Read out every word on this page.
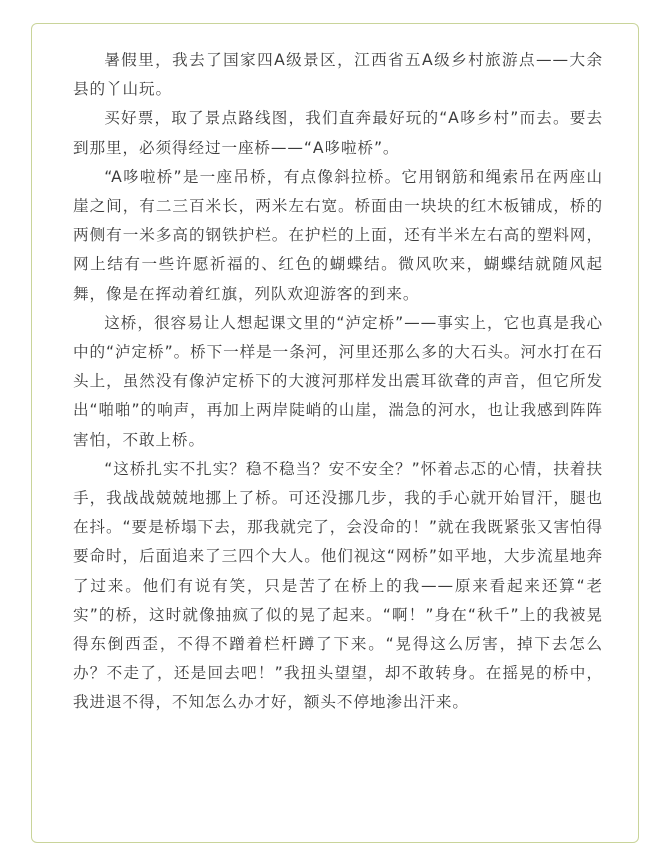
暑假里，我去了国家四A级景区，江西省五A级乡村旅游点——大余县的丫山玩。

买好票，取了景点路线图，我们直奔最好玩的“A哆乡村”而去。要去到那里，必须得经过一座桥——“A哆啦桥”。

“A哆啦桥”是一座吊桥，有点像斜拉桥。它用钢筋和绳索吊在两座山崖之间，有二三百米长，两米左右宽。桥面由一块块的红木板铺成，桥的两侧有一米多高的钢铁护栏。在护栏的上面，还有半米左右高的塑料网，网上结有一些许愿祈福的、红色的蝴蝶结。微风吹来，蝴蝶结就随风起舞，像是在挥动着红旗，列队欢迎游客的到来。

这桥，很容易让人想起课文里的“泸定桥”——事实上，它也真是我心中的“泸定桥”。桥下一样是一条河，河里还那么多的大石头。河水打在石头上，虽然没有像泸定桥下的大渡河那样发出震耳欲聋的声音，但它所发出“啪啪”的响声，再加上两岸陡峭的山崖，湍急的河水，也让我感到阵阵害怕，不敢上桥。

“这桥扎实不扎实？稳不稳当？安不安全？”怀着忐忑的心情，扶着扶手，我战战兢兢地挪上了桥。可还没挪几步，我的手心就开始冒汗，腿也在抖。“要是桥塌下去，那我就完了，会没命的！”就在我既紧张又害怕得要命时，后面追来了三四个大人。他们视这“网桥”如平地，大步流星地奔了过来。他们有说有笑，只是苦了在桥上的我——原来看起来还算“老实”的桥，这时就像抽疯了似的晃了起来。“啊！”身在“秋千”上的我被晃得东倒西歪，不得不蹭着栏杆蹲了下来。“晃得这么厉害，掉下去怎么办？不走了，还是回去吧！”我扭头望望，却不敢转身。在摇晃的桥中，我进退不得，不知怎么办才好，额头不停地渗出汗来。
